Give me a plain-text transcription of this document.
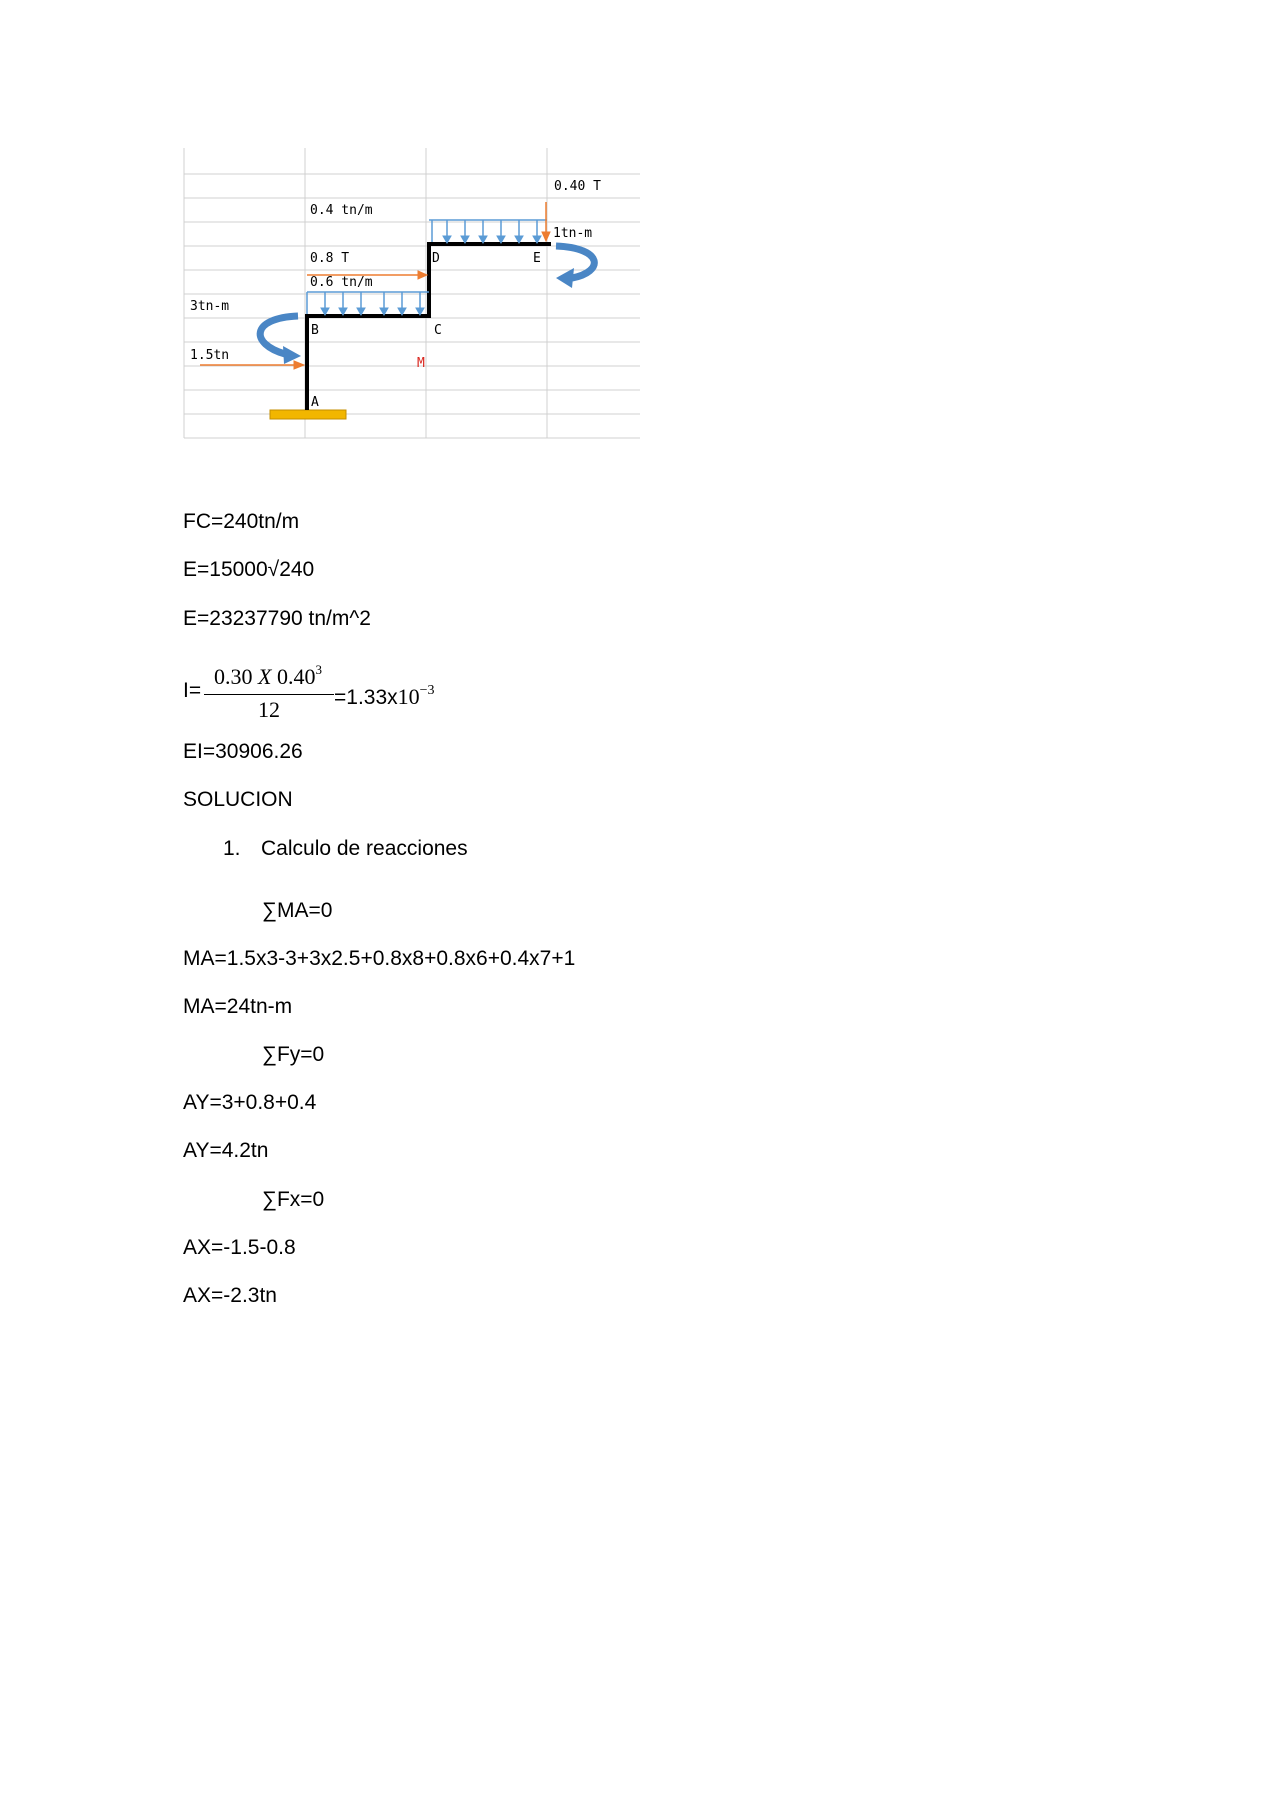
0.40 T
0.4 tn/m
1tn-m
0.8 T	D	E
0.6 tn/m
3tn-m
B	C
1.5tn
M
A
FC=240tn/m
E=15000√240
E=23237790 tn/m^2
$I= \frac{0.30 X 0.40^3}{12} =1.33x10^{-3}$
EI=30906.26
SOLUCION
1. Calculo de reacciones
∑MA=0
MA=1.5x3-3+3x2.5+0.8x8+0.8x6+0.4x7+1
MA=24tn-m
∑Fy=0
AY=3+0.8+0.4
AY=4.2tn
∑Fx=0
AX=-1.5-0.8
AX=-2.3tn
